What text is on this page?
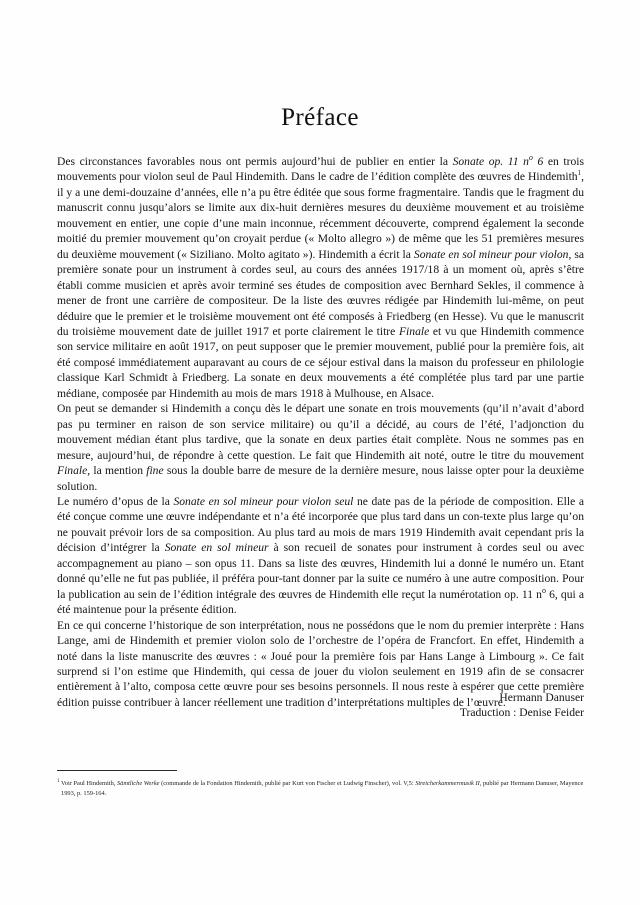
Préface

Des circonstances favorables nous ont permis aujourd’hui de publier en entier la Sonate op. 11 $n^o$ 6 en trois mouvements pour violon seul de Paul Hindemith. Dans le cadre de l’édition complète des œuvres de Hindemith$^1$, il y a une demi-douzaine d’années, elle n’a pu être éditée que sous forme fragmentaire. Tandis que le fragment du manuscrit connu jusqu’alors se limite aux dix-huit dernières mesures du deuxième mouvement et au troisième mouvement en entier, une copie d’une main inconnue, récemment découverte, comprend également la seconde moitié du premier mouvement qu’on croyait perdue (« Molto allegro ») de même que les 51 premières mesures du deuxième mouvement (« Siziliano. Molto agitato »). Hindemith a écrit la Sonate en sol mineur pour violon, sa première sonate pour un instrument à cordes seul, au cours des années 1917/18 à un moment où, après s’être établi comme musicien et après avoir terminé ses études de composition avec Bernhard Sekles, il commence à mener de front une carrière de compositeur. De la liste des œuvres rédigée par Hindemith lui-même, on peut déduire que le premier et le troisième mouvement ont été composés à Friedberg (en Hesse). Vu que le manuscrit du troisième mouvement date de juillet 1917 et porte clairement le titre Finale et vu que Hindemith commence son service militaire en août 1917, on peut supposer que le premier mouvement, publié pour la première fois, ait été composé immédiatement auparavant au cours de ce séjour estival dans la maison du professeur en philologie classique Karl Schmidt à Friedberg. La sonate en deux mouvements a été complétée plus tard par une partie médiane, composée par Hindemith au mois de mars 1918 à Mulhouse, en Alsace.

On peut se demander si Hindemith a conçu dès le départ une sonate en trois mouvements (qu’il n’avait d’abord pas pu terminer en raison de son service militaire) ou qu’il a décidé, au cours de l’été, l’adjonction du mouvement médian étant plus tardive, que la sonate en deux parties était complète. Nous ne sommes pas en mesure, aujourd’hui, de répondre à cette question. Le fait que Hindemith ait noté, outre le titre du mouvement Finale, la mention fine sous la double barre de mesure de la dernière mesure, nous laisse opter pour la deuxième solution.

Le numéro d’opus de la Sonate en sol mineur pour violon seul ne date pas de la période de composition. Elle a été conçue comme une œuvre indépendante et n’a été incorporée que plus tard dans un con-texte plus large qu’on ne pouvait prévoir lors de sa composition. Au plus tard au mois de mars 1919 Hindemith avait cependant pris la décision d’intégrer la Sonate en sol mineur à son recueil de sonates pour instrument à cordes seul ou avec accompagnement au piano – son opus 11. Dans sa liste des œuvres, Hindemith lui a donné le numéro un. Etant donné qu’elle ne fut pas publiée, il préféra pour-tant donner par la suite ce numéro à une autre composition. Pour la publication au sein de l’édition intégrale des œuvres de Hindemith elle reçut la numérotation op. 11 $n^o$ 6, qui a été maintenue pour la présente édition.

En ce qui concerne l’historique de son interprétation, nous ne possédons que le nom du premier interprète : Hans Lange, ami de Hindemith et premier violon solo de l’orchestre de l’opéra de Francfort. En effet, Hindemith a noté dans la liste manuscrite des œuvres : « Joué pour la première fois par Hans Lange à Limbourg ». Ce fait surprend si l’on estime que Hindemith, qui cessa de jouer du violon seulement en 1919 afin de se consacrer entièrement à l’alto, composa cette œuvre pour ses besoins personnels. Il nous reste à espérer que cette première édition puisse contribuer à lancer réellement une tradition d’interprétations multiples de l’œuvre.

Hermann Danuser
Traduction : Denise Feider

$^1$ Voir Paul Hindemith, Sämtliche Werke (commande de la Fondation Hindemith, publié par Kurt von Fischer et Ludwig Finscher), vol. V,5: Streicherkammermusik II, publié par Hermann Danuser, Mayence 1993, p. 159-164.
